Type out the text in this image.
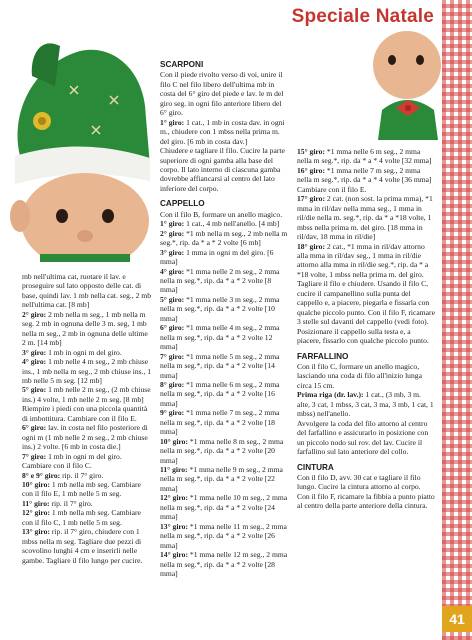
Speciale Natale
41

mb nell'ultima cat, ruotare il lav. e proseguire sul lato opposto delle cat. di base, quindi lav. 1 mb nella cat. seg., 2 mb nell'ultima cat. [8 mb]

2° giro: 2 mb nella m seg., 1 mb nella m seg. 2 mb in ognuna delle 3 m. seg, 1 mb nella m seg., 2 mb in ognuna delle ultime 2 m. [14 mb]

3° giro: 1 mb in ogni m del giro.

4° giro: 1 mb nelle 4 m seg., 2 mb chiuse ins., 1 mb nella m seg., 2 mb chiuse ins., 1 mb nelle 5 m seg. [12 mb]

5° giro: 1 mb nelle 2 m seg., (2 mb chiuse ins.) 4 volte, 1 mb nelle 2 m seg. [8 mb]

Riempire i piedi con una piccola quantità di imbottitura. Cambiare con il filo E.

6° giro: lav. in costa nel filo posteriore di ogni m (1 mb nelle 2 m seg., 2 mb chiuse ins.) 2 volte. [6 mb in costa die.]

7° giro: 1 mb in ogni m del giro. Cambiare con il filo C.

8° e 9° giro: rip. il 7° giro.

10° giro: 1 mb nella mb seg. Cambiare con il filo E, 1 mb nelle 5 m seg.

11° giro: rip. il 7° giro.

12° giro: 1 mb nella mb seg. Cambiare con il filo C, 1 mb nelle 5 m seg.

13° giro: rip. il 7° giro, chiudere con 1 mbss nella m seg. Tagliare due pezzi di scovolino lunghi 4 cm e inserirli nelle gambe. Tagliare il filo lungo per cucire.

SCARPONI

Con il piede rivolto verso di voi, unire il filo C nel filo libero dell'ultima mb in costa del 6° giro del piede e lav. le m del giro seg. in ogni filo anteriore libero del 6° giro.

1° giro: 1 cat., 1 mb in costa dav. in ogni m., chiudere con 1 mbss nella prima m. del giro. [6 mb in costa dav.]

Chiudere e tagliare il filo. Cucire la parte superiore di ogni gamba alla base del corpo. Il lato interno di ciascuna gamba dovrebbe affiancarsi al centro del lato inferiore del corpo.

CAPPELLO

Con il filo B, formare un anello magico.

1° giro: 1 cat., 4 mb nell'anello. [4 mb]

2° giro: *1 mb nella m seg., 2 mb nella m seg.*, rip. da * a * 2 volte [6 mb]

3° giro: 1 mma in ogni m del giro. [6 mma]

4° giro: *1 mma nelle 2 m seg., 2 mma nella m seg.*, rip. da * a * 2 volte [8 mma]

5° giro: *1 mma nelle 3 m seg., 2 mma nella m seg.*, rip. da * a * 2 volte [10 mma]

6° giro: *1 mma nelle 4 m seg., 2 mma nella m seg.*, rip. da * a * 2 volte 12 mma]

7° giro: *1 mma nelle 5 m seg., 2 mma nella m seg.*, rip. da * a * 2 volte [14 mma]

8° giro: *1 mma nelle 6 m seg., 2 mma nella m seg.*, rip. da * a * 2 volte [16 mma]

9° giro: *1 mma nelle 7 m seg., 2 mma nella m seg.*, rip. da * a * 2 volte [18 mma]

10° giro: *1 mma nelle 8 m seg., 2 mma nella m seg.*, rip. da * a * 2 volte [20 mma]

11° giro: *1 mma nelle 9 m seg., 2 mma nella m seg.*, rip. da * a * 2 volte [22 mma]

12° giro: *1 mma nelle 10 m seg., 2 mma nella m seg.*, rip. da * a * 2 volte [24 mma]

13° giro: *1 mma nelle 11 m seg., 2 mma nella m seg.*, rip. da * a * 2 volte [26 mma]

14° giro: *1 mma nelle 12 m seg., 2 mma nella m seg.*, rip. da * a * 2 volte [28 mma]

15° giro: *1 mma nelle 6 m seg., 2 mma nella m seg.*, rip. da * a * 4 volte [32 mma]

16° giro: *1 mma nelle 7 m seg., 2 mma nella m seg.*, rip. da * a * 4 volte [36 mma]

Cambiare con il filo E.

17° giro: 2 cat. (non sost. la prima mma), *1 mma in ril/dav nella mma seg., 1 mma in ril/die nella m. seg.*, rip. da * a *18 volte, 1 mbss nella prima m. del giro. [18 mma in ril/dav, 18 mma in ril/die]

18° giro: 2 cat., *1 mma in ril/dav attorno alla mma in ril/dav seg., 1 mma in ril/die attorno alla mma in ril/die seg.*, rip. da * a *18 volte, 1 mbss nella prima m. del giro.

Tagliare il filo e chiudere. Usando il filo C, cucire il campanellino sulla punta del cappello e, a piacere, piegarla e fissarla con qualche piccolo punto. Con il filo F, ricamare 3 stelle sul davanti del cappello (vedi foto). Posizionare il cappello sulla testa e, a piacere, fissarlo con qualche piccolo punto.

FARFALLINO

Con il filo C, formare un anello magico, lasciando una coda di filo all'inizio lunga circa 15 cm.

Prima riga (dr. lav.): 1 cat., (3 mb, 3 m. alte, 3 cat, 1 mbss, 3 cat, 3 ma, 3 mb, 1 cat, 1 mbss) nell'anello.

Avvolgere la coda del filo attorno al centro del farfallino e assicurarlo in posizione con un piccolo nodo sul rov. del lav. Cucire il farfallino sul lato anteriore del collo.

CINTURA

Con il filo D, avv. 30 cat e tagliare il filo lungo. Cucire la cintura attorno al corpo. Con il filo F, ricamare la fibbia a punto piatto al centro della parte anteriore della cintura.
